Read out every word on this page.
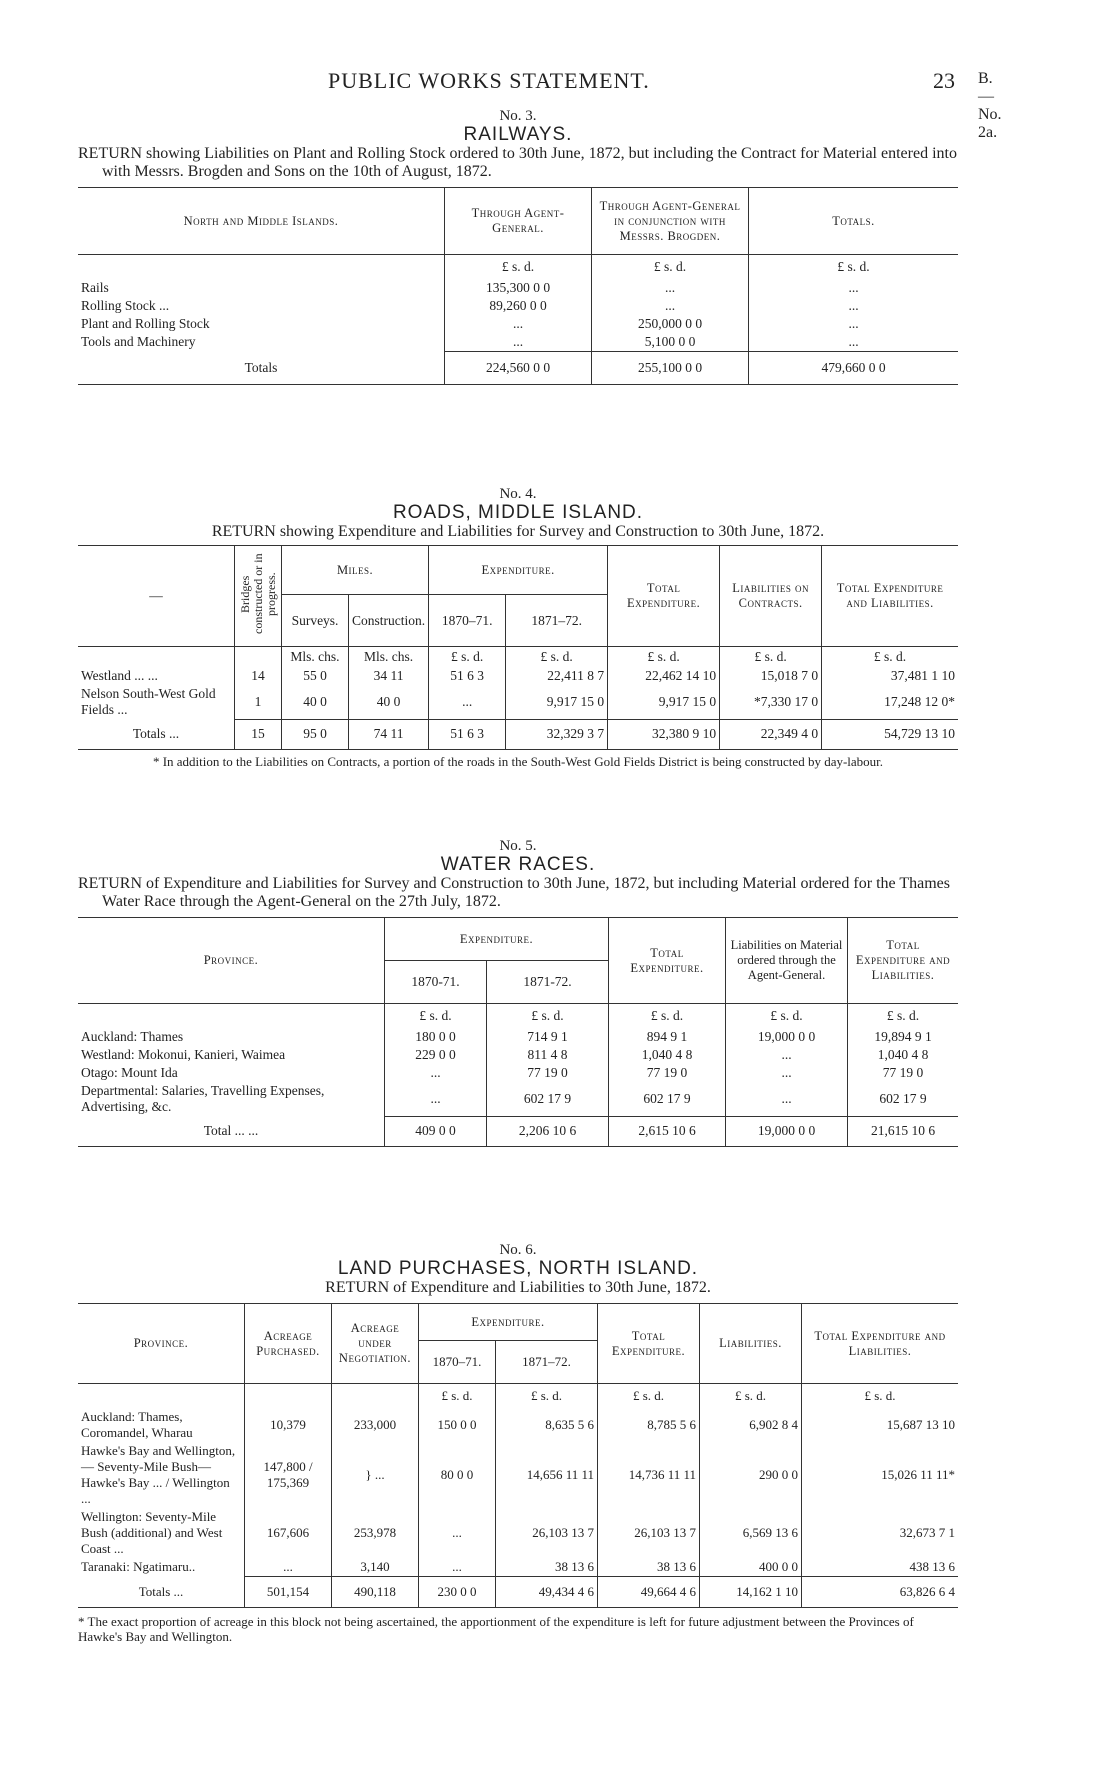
PUBLIC WORKS STATEMENT.	23 B.—No. 2a.
No. 3.
RAILWAYS.
RETURN showing Liabilities on Plant and Rolling Stock ordered to 30th June, 1872, but including the Contract for Material entered into with Messrs. Brogden and Sons on the 10th of August, 1872.
North and Middle Islands.	Through Agent-General.	Through Agent-General in conjunction with Messrs. Brogden.	Totals.
	£ s. d.	£ s. d.	£ s. d.
Rails	135,300 0 0	...	...
Rolling Stock ...	89,260 0 0	...	...
Plant and Rolling Stock	...	250,000 0 0	...
Tools and Machinery	...	5,100 0 0	...
Totals	224,560 0 0	255,100 0 0	479,660 0 0
No. 4.
ROADS, MIDDLE ISLAND.
RETURN showing Expenditure and Liabilities for Survey and Construction to 30th June, 1872.
—	Bridges constructed or in progress.	Miles.		Expenditure.		Total Expenditure.	Liabilities on Contracts.	Total Expenditure and Liabilities.
		Surveys.	Construction.	1870–71.	1871–72.			
		Mls. chs.	Mls. chs.	£ s. d.	£ s. d.	£ s. d.	£ s. d.	£ s. d.
Westland ... ...	14	55 0	34 11	51 6 3	22,411 8 7	22,462 14 10	15,018 7 0	37,481 1 10
Nelson South-West Gold Fields ...	1	40 0	40 0	...	9,917 15 0	9,917 15 0	*7,330 17 0	17,248 12 0*
Totals ...	15	95 0	74 11	51 6 3	32,329 3 7	32,380 9 10	22,349 4 0	54,729 13 10
* In addition to the Liabilities on Contracts, a portion of the roads in the South-West Gold Fields District is being constructed by day-labour.
No. 5.
WATER RACES.
RETURN of Expenditure and Liabilities for Survey and Construction to 30th June, 1872, but including Material ordered for the Thames Water Race through the Agent-General on the 27th July, 1872.
Province.	Expenditure.		Total Expenditure.	Liabilities on Material ordered through the Agent-General.	Total Expenditure and Liabilities.
	1870-71.	1871-72.			
	£ s. d.	£ s. d.	£ s. d.	£ s. d.	£ s. d.
Auckland: Thames	180 0 0	714 9 1	894 9 1	19,000 0 0	19,894 9 1
Westland: Mokonui, Kanieri, Waimea	229 0 0	811 4 8	1,040 4 8	...	1,040 4 8
Otago: Mount Ida	...	77 19 0	77 19 0	...	77 19 0
Departmental: Salaries, Travelling Expenses, Advertising, &c.	...	602 17 9	602 17 9	...	602 17 9
Total ... ...	409 0 0	2,206 10 6	2,615 10 6	19,000 0 0	21,615 10 6
No. 6.
LAND PURCHASES, NORTH ISLAND.
RETURN of Expenditure and Liabilities to 30th June, 1872.
Province.	Acreage Purchased.	Acreage under Negotiation.	Expenditure.		Total Expenditure.	Liabilities.	Total Expenditure and Liabilities.
			1870–71.	1871–72.			
			£ s. d.	£ s. d.	£ s. d.	£ s. d.	£ s. d.
Auckland: Thames, Coromandel, Wharau	10,379	233,000	150 0 0	8,635 5 6	8,785 5 6	6,902 8 4	15,687 13 10
Hawke's Bay and Wellington,— Seventy-Mile Bush— Hawke's Bay ... / Wellington ...	147,800 / 175,369	} ...	80 0 0	14,656 11 11	14,736 11 11	290 0 0	15,026 11 11*
Wellington: Seventy-Mile Bush (additional) and West Coast ...	167,606	253,978	...	26,103 13 7	26,103 13 7	6,569 13 6	32,673 7 1
Taranaki: Ngatimaru..	...	3,140	...	38 13 6	38 13 6	400 0 0	438 13 6
Totals ...	501,154	490,118	230 0 0	49,434 4 6	49,664 4 6	14,162 1 10	63,826 6 4
* The exact proportion of acreage in this block not being ascertained, the apportionment of the expenditure is left for future adjustment between the Provinces of Hawke's Bay and Wellington.
